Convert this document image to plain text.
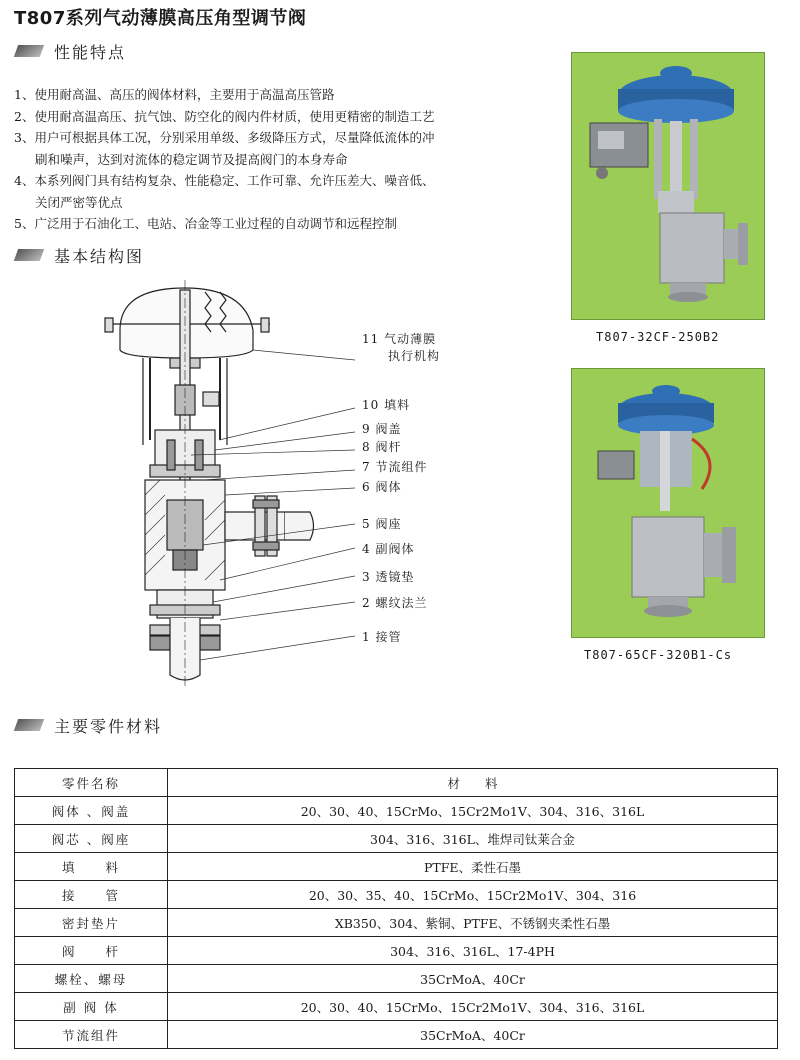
T807系列气动薄膜高压角型调节阀
性能特点
1、使用耐高温、高压的阀体材料，主要用于高温高压管路
2、使用耐高温高压、抗气蚀、防空化的阀内件材质，使用更精密的制造工艺
3、用户可根据具体工况，分别采用单级、多级降压方式，尽量降低流体的冲
刷和噪声，达到对流体的稳定调节及提高阀门的本身寿命
4、本系列阀门具有结构复杂、性能稳定、工作可靠、允许压差大、噪音低、
关闭严密等优点
5、广泛用于石油化工、电站、冶金等工业过程的自动调节和远程控制
基本结构图
11 气动薄膜
执行机构
10 填料
9 阀盖
8 阀杆
7 节流组件
6 阀体
5 阀座
4 副阀体
3 透镜垫
2 螺纹法兰
1 接管
T807-32CF-250B2
T807-65CF-320B1-Cs
主要零件材料
零件名称	材　　料
阀体 、阀盖	20、30、40、15CrMo、15Cr2Mo1V、304、316、316L
阀芯 、阀座	304、316、316L、堆焊司钛莱合金
填　　料	PTFE、柔性石墨
接　　管	20、30、35、40、15CrMo、15Cr2Mo1V、304、316
密封垫片	XB350、304、紫铜、PTFE、不锈钢夹柔性石墨
阀　　杆	304、316、316L、17-4PH
螺栓、螺母	35CrMoA、40Cr
副 阀 体	20、30、40、15CrMo、15Cr2Mo1V、304、316、316L
节流组件	35CrMoA、40Cr
